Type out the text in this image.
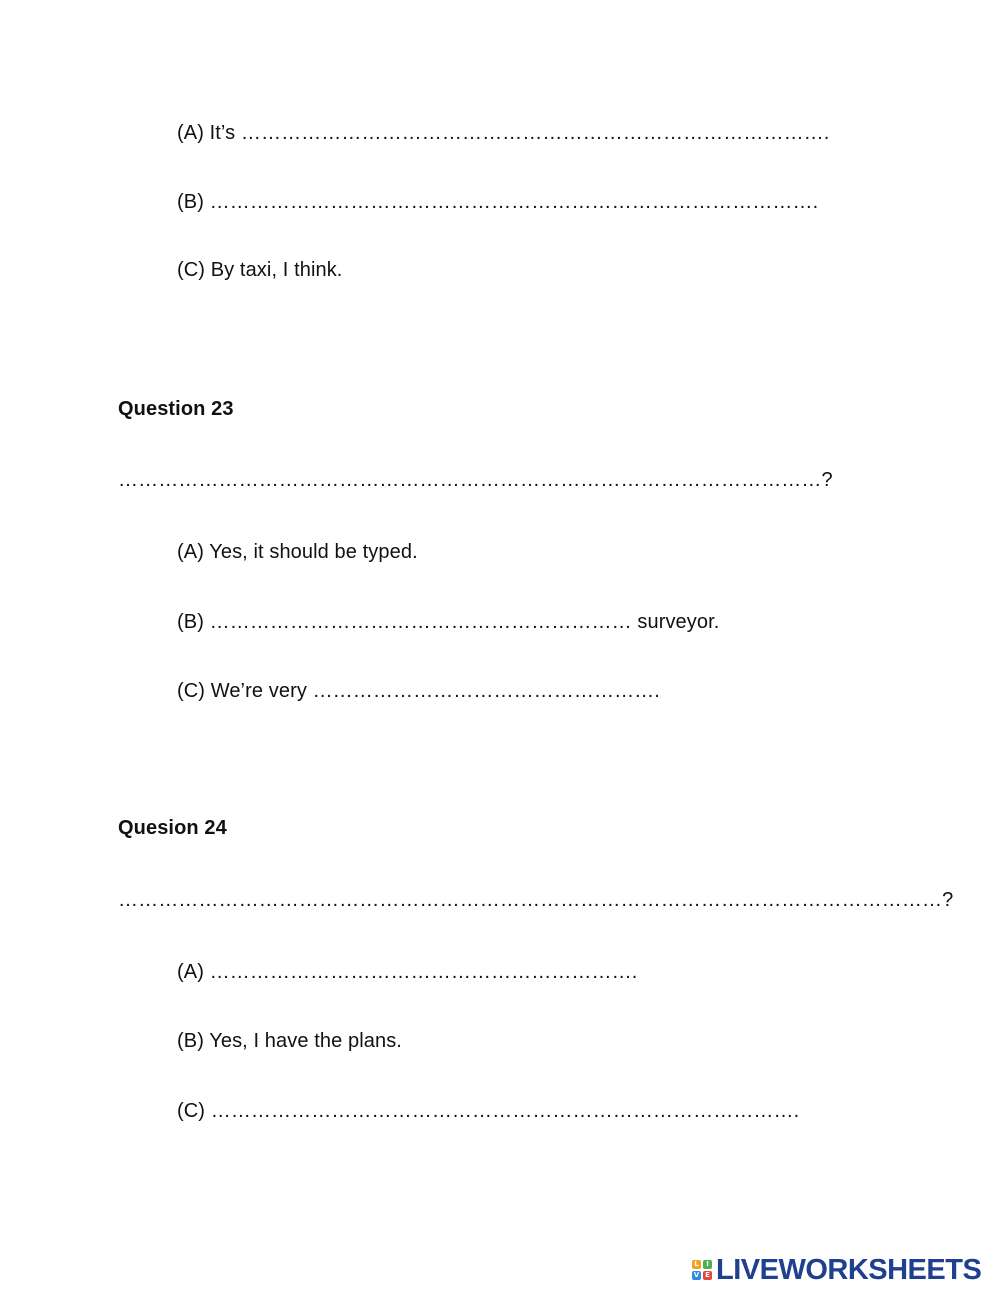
(A) It’s …………………………………………………………………………….
(B) ……………………………………………………………………………….
(C) By taxi, I think.
Question 23
……………………………………………………………………………………………?
(A) Yes, it should be typed.
(B) ……………………………………………………… surveyor.
(C) We’re very …………………………………………….
Quesion 24
……………………………………………………………………………………………………………?
(A) ……………………………………………………….
(B) Yes, I have the plans.
(C) …………………………………………………………………………….
L	I
V E LIVEWORKSHEETS
